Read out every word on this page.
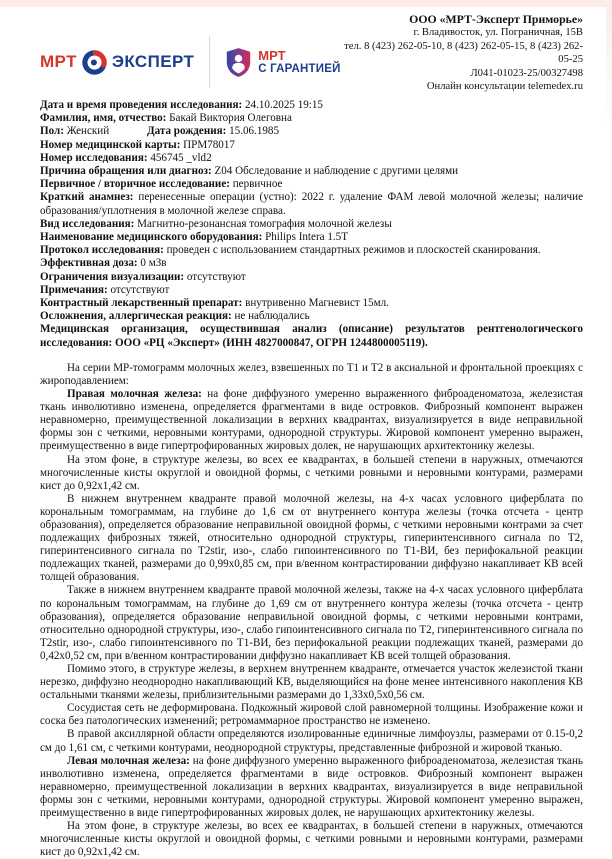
МРТ ЭКСПЕРТ	МРТ
С ГАРАНТИЕЙ
ООО «МРТ-Эксперт Приморье»
г. Владивосток, ул. Пограничная, 15В
тел. 8 (423) 262-05-10, 8 (423) 262-05-15, 8 (423) 262-05-25
Л041-01023-25/00327498
Онлайн консультации telemedex.ru

Дата и время проведения исследования: 24.10.2025 19:15

Фамилия, имя, отчество: Бакай Виктория Олеговна

Пол: Женский	Дата рождения: 15.06.1985

Номер медицинской карты: ПРМ78017

Номер исследования: 456745 _vld2

Причина обращения или диагноз: Z04 Обследование и наблюдение с другими целями

Первичное / вторичное исследование: первичное

Краткий анамнез: перенесенные операции (устно): 2022 г. удаление ФАМ левой молочной железы; наличие образования/уплотнения в молочной железе справа.

Вид исследования: Магнитно-резонансная томография молочной железы

Наименование медицинского оборудования: Philips Intera 1.5T

Протокол исследования: проведен с использованием стандартных режимов и плоскостей сканирования.

Эффективная доза: 0 мЗв

Ограничения визуализации: отсутствуют

Примечания: отсутствуют

Контрастный лекарственный препарат: внутривенно Магневист 15мл.

Осложнения, аллергическая реакция: не наблюдались

Медицинская организация, осуществившая анализ (описание) результатов рентгенологического исследования: ООО «РЦ «Эксперт» (ИНН 4827000847, ОГРН 1244800005119).

На серии МР-томограмм молочных желез, взвешенных по Т1 и Т2 в аксиальной и фронтальной проекциях с жироподавлением:

Правая молочная железа: на фоне диффузного умеренно выраженного фиброаденоматоза, железистая ткань инволютивно изменена, определяется фрагментами в виде островков. Фиброзный компонент выражен неравномерно, преимущественной локализации в верхних квадрантах, визуализируется в виде неправильной формы зон с четкими, неровными контурами, однородной структуры. Жировой компонент умеренно выражен, преимущественно в виде гипертрофированных жировых долек, не нарушающих архитектонику железы.

На этом фоне, в структуре железы, во всех ее квадрантах, в большей степени в наружных, отмечаются многочисленные кисты округлой и овоидной формы, с четкими ровными и неровными контурами, размерами кист до 0,92х1,42 см.

В нижнем внутреннем квадранте правой молочной железы, на 4-х часах условного циферблата по корональным томограммам, на глубине до 1,6 см от внутреннего контура железы (точка отсчета - центр образования), определяется образование неправильной овоидной формы, с четкими неровными контрами за счет подлежащих фиброзных тяжей, относительно однородной структуры, гиперинтенсивного сигнала по Т2, гиперинтенсивного сигнала по T2stir, изо-, слабо гипоинтенсивного по Т1-ВИ, без перифокальной реакции подлежащих тканей, размерами до 0,99х0,85 см, при в/венном контрастировании диффузно накапливает КВ всей толщей образования.

Также в нижнем внутреннем квадранте правой молочной железы, также на 4-х часах условного циферблата по корональным томограммам, на глубине до 1,69 см от внутреннего контура железы (точка отсчета - центр образования), определяется образование неправильной овоидной формы, с четкими неровными контрами, относительно однородной структуры, изо-, слабо гипоинтенсивного сигнала по Т2, гиперинтенсивного сигнала по T2stir, изо-, слабо гипоинтенсивного по Т1-ВИ, без перифокальной реакции подлежащих тканей, размерами до 0,42х0,52 см, при в/венном контрастировании диффузно накапливает КВ всей толщей образования.

Помимо этого, в структуре железы, в верхнем внутреннем квадранте, отмечается участок железистой ткани нерезко, диффузно неоднородно накапливающий КВ, выделяющийся на фоне менее интенсивного накопления КВ остальными тканями железы, приблизительными размерами до 1,33х0,5х0,56 см.

Сосудистая сеть не деформирована. Подкожный жировой слой равномерной толщины. Изображение кожи и соска без патологических изменений; ретромаммарное пространство не изменено.

В правой аксиллярной области определяются изолированные единичные лимфоузлы, размерами от 0.15-0,2 см до 1,61 см, с четкими контурами, неоднородной структуры, представленные фиброзной и жировой тканью.

Левая молочная железа: на фоне диффузного умеренно выраженного фиброаденоматоза, железистая ткань инволютивно изменена, определяется фрагментами в виде островков. Фиброзный компонент выражен неравномерно, преимущественной локализации в верхних квадрантах, визуализируется в виде неправильной формы зон с четкими, неровными контурами, однородной структуры. Жировой компонент умеренно выражен, преимущественно в виде гипертрофированных жировых долек, не нарушающих архитектонику железы.

На этом фоне, в структуре железы, во всех ее квадрантах, в большей степени в наружных, отмечаются многочисленные кисты округлой и овоидной формы, с четкими ровными и неровными контурами, размерами кист до 0,92х1,42 см.
